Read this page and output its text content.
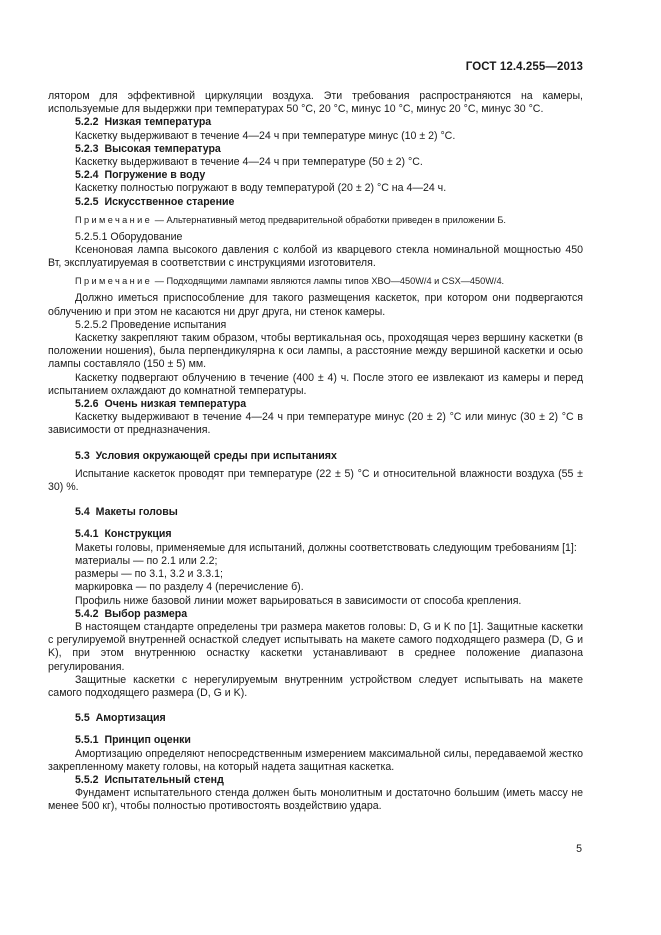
ГОСТ 12.4.255—2013

лятором для эффективной циркуляции воздуха. Эти требования распространяются на камеры, используемые для выдержки при температурах 50 °С, 20 °С, минус 10 °С, минус 20 °С, минус 30 °С.

5.2.2 Низкая температура

Каскетку выдерживают в течение 4—24 ч при температуре минус (10 ± 2) °С.

5.2.3 Высокая температура

Каскетку выдерживают в течение 4—24 ч при температуре (50 ± 2) °С.

5.2.4 Погружение в воду

Каскетку полностью погружают в воду температурой (20 ± 2) °С на 4—24 ч.

5.2.5 Искусственное старение

Примечание — Альтернативный метод предварительной обработки приведен в приложении Б.

5.2.5.1 Оборудование

Ксеноновая лампа высокого давления с колбой из кварцевого стекла номинальной мощностью 450 Вт, эксплуатируемая в соответствии с инструкциями изготовителя.

Примечание — Подходящими лампами являются лампы типов XBO—450W/4 и CSX—450W/4.

Должно иметься приспособление для такого размещения каскеток, при котором они подвергаются облучению и при этом не касаются ни друг друга, ни стенок камеры.

5.2.5.2 Проведение испытания

Каскетку закрепляют таким образом, чтобы вертикальная ось, проходящая через вершину каскетки (в положении ношения), была перпендикулярна к оси лампы, а расстояние между вершиной каскетки и осью лампы составляло (150 ± 5) мм.

Каскетку подвергают облучению в течение (400 ± 4) ч. После этого ее извлекают из камеры и перед испытанием охлаждают до комнатной температуры.

5.2.6 Очень низкая температура

Каскетку выдерживают в течение 4—24 ч при температуре минус (20 ± 2) °С или минус (30 ± 2) °С в зависимости от предназначения.

5.3 Условия окружающей среды при испытаниях

Испытание каскеток проводят при температуре (22 ± 5) °С и относительной влажности воздуха (55 ± 30) %.

5.4 Макеты головы

5.4.1 Конструкция

Макеты головы, применяемые для испытаний, должны соответствовать следующим требованиям [1]:

материалы — по 2.1 или 2.2;

размеры — по 3.1, 3.2 и 3.3.1;

маркировка — по разделу 4 (перечисление б).

Профиль ниже базовой линии может варьироваться в зависимости от способа крепления.

5.4.2 Выбор размера

В настоящем стандарте определены три размера макетов головы: D, G и K по [1]. Защитные каскетки с регулируемой внутренней оснасткой следует испытывать на макете самого подходящего размера (D, G и K), при этом внутреннюю оснастку каскетки устанавливают в среднее положение диапазона регулирования.

Защитные каскетки с нерегулируемым внутренним устройством следует испытывать на макете самого подходящего размера (D, G и K).

5.5 Амортизация

5.5.1 Принцип оценки

Амортизацию определяют непосредственным измерением максимальной силы, передаваемой жестко закрепленному макету головы, на который надета защитная каскетка.

5.5.2 Испытательный стенд

Фундамент испытательного стенда должен быть монолитным и достаточно большим (иметь массу не менее 500 кг), чтобы полностью противостоять воздействию удара.

5
